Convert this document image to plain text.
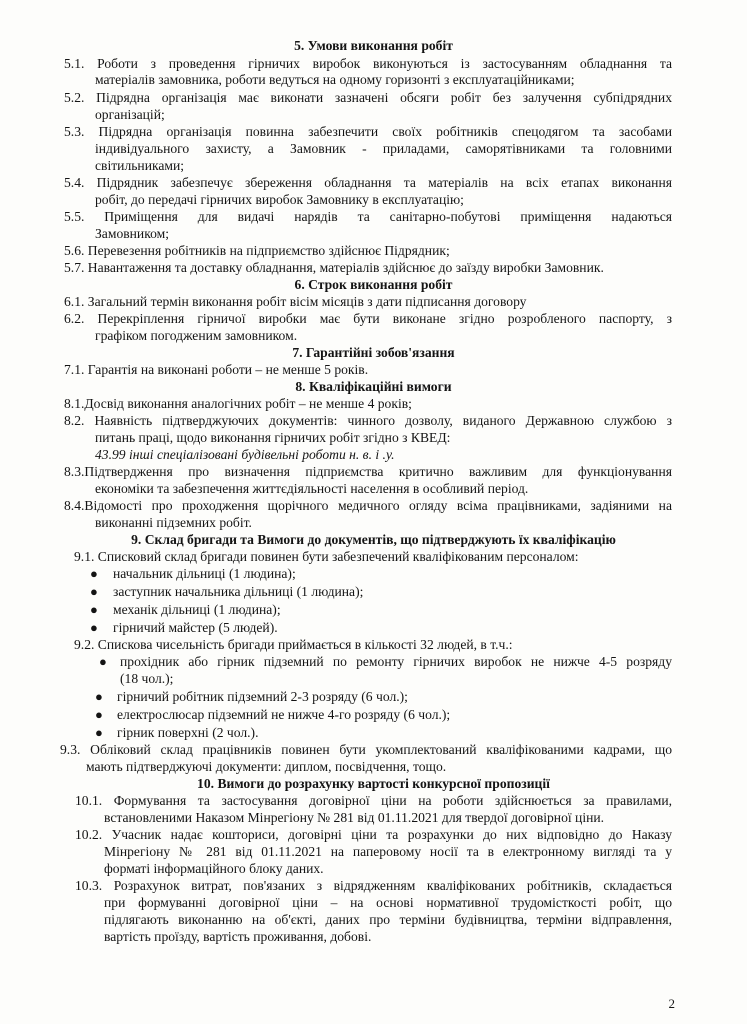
5. Умови виконання робіт
5.1. Роботи з проведення гірничих виробок виконуються із застосуванням обладнання та
матеріалів замовника, роботи ведуться на одному горизонті з експлуатаційниками;
5.2. Підрядна організація має виконати зазначені обсяги робіт без залучення субпідрядних
організацій;
5.3. Підрядна організація повинна забезпечити своїх робітників спецодягом та засобами
індивідуального захисту, а Замовник - приладами, саморятівниками та головними
світильниками;
5.4. Підрядник забезпечує збереження обладнання та матеріалів на всіх етапах виконання
робіт, до передачі гірничих виробок Замовнику в експлуатацію;
5.5. Приміщення для видачі нарядів та санітарно-побутові приміщення надаються
Замовником;
5.6. Перевезення робітників на підприємство здійснює Підрядник;
5.7. Навантаження та доставку обладнання, матеріалів здійснює до заїзду виробки Замовник.
6. Строк виконання робіт
6.1. Загальний термін виконання робіт вісім місяців з дати підписання договору
6.2. Перекріплення гірничої виробки має бути виконане згідно розробленого паспорту, з
графіком погодженим замовником.
7. Гарантійні зобов'язання
7.1. Гарантія на виконані роботи – не менше 5 років.
8. Кваліфікаційні вимоги
8.1.Досвід виконання аналогічних робіт – не менше 4 років;
8.2. Наявність підтверджуючих документів: чинного дозволу, виданого Державною службою з
питань праці, щодо виконання гірничих робіт згідно з КВЕД:
43.99 інші спеціалізовані будівельні роботи н. в. і .у.
8.3.Підтвердження про визначення підприємства критично важливим для функціонування
економіки та забезпечення життєдіяльності населення в особливий період.
8.4.Відомості про проходження щорічного медичного огляду всіма працівниками, задіяними на
виконанні підземних робіт.
9. Склад бригади та Вимоги до документів, що підтверджують їх кваліфікацію
9.1. Списковий склад бригади повинен бути забезпечений кваліфікованим персоналом:
● начальник дільниці (1 людина);
● заступник начальника дільниці (1 людина);
● механік дільниці (1 людина);
● гірничий майстер (5 людей).
9.2. Спискова чисельність бригади приймається в кількості 32 людей, в т.ч.:
● прохідник або гірник підземний по ремонту гірничих виробок не нижче 4-5 розряду
(18 чол.);
● гірничий робітник підземний 2-3 розряду (6 чол.);
● електрослюсар підземний не нижче 4-го розряду (6 чол.);
● гірник поверхні (2 чол.).
9.3. Обліковий склад працівників повинен бути укомплектований кваліфікованими кадрами, що
мають підтверджуючі документи: диплом, посвідчення, тощо.
10. Вимоги до розрахунку вартості конкурсної пропозиції
10.1. Формування та застосування договірної ціни на роботи здійснюється за правилами,
встановленими Наказом Мінрегіону № 281 від 01.11.2021 для твердої договірної ціни.
10.2. Учасник надає кошториси, договірні ціни та розрахунки до них відповідно до Наказу
Мінрегіону № 281 від 01.11.2021 на паперовому носії та в електронному вигляді та у
форматі інформаційного блоку даних.
10.3. Розрахунок витрат, пов'язаних з відрядженням кваліфікованих робітників, складається
при формуванні договірної ціни – на основі нормативної трудомісткості робіт, що
підлягають виконанню на об'єкті, даних про терміни будівництва, терміни відправлення,
вартість проїзду, вартість проживання, добові.
2
